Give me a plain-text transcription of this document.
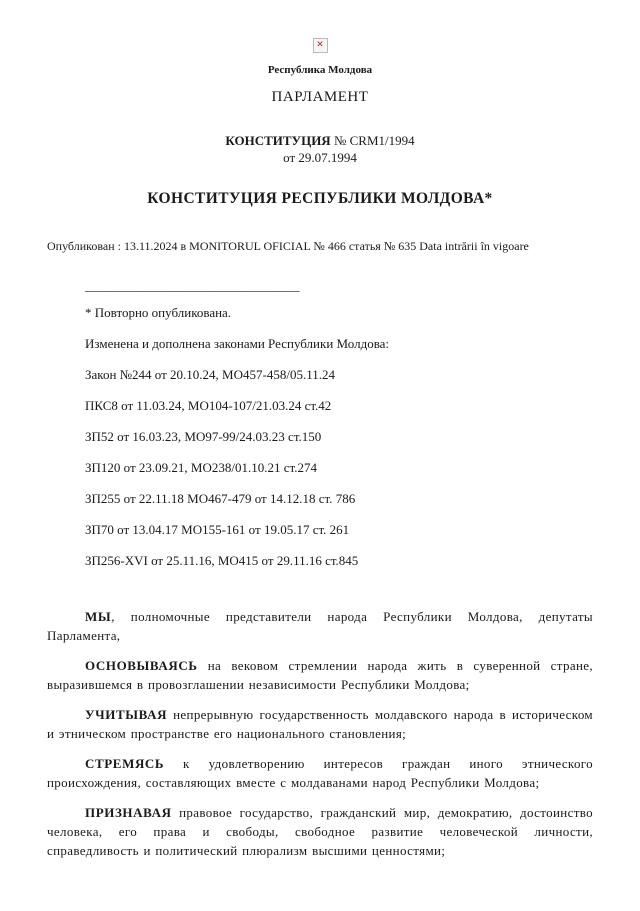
✕
Республика Молдова
ПАРЛАМЕНТ
КОНСТИТУЦИЯ № CRM1/1994
от 29.07.1994
КОНСТИТУЦИЯ РЕСПУБЛИКИ МОЛДОВА*

Опубликован : 13.11.2024 в MONITORUL OFICIAL № 466 статья № 635 Data intrării în vigoare

_________________________________

* Повторно опубликована.

Изменена и дополнена законами Республики Молдова:

Закон №244 от 20.10.24, МО457-458/05.11.24

ПКС8 от 11.03.24, МО104-107/21.03.24 ст.42

ЗП52 от 16.03.23, МО97-99/24.03.23 ст.150

ЗП120 от 23.09.21, МО238/01.10.21 ст.274

ЗП255 от 22.11.18 МО467-479 от 14.12.18 ст. 786

ЗП70 от 13.04.17 МО155-161 от 19.05.17 ст. 261

ЗП256-XVI от 25.11.16, МО415 от 29.11.16 ст.845

МЫ, полномочные представители народа Республики Молдова, депутаты Парламента,

ОСНОВЫВАЯСЬ на вековом стремлении народа жить в суверенной стране, выразившемся в провозглашении независимости Республики Молдова;

УЧИТЫВАЯ непрерывную государственность молдавского народа в историческом и этническом пространстве его национального становления;

СТРЕМЯСЬ к удовлетворению интересов граждан иного этнического происхождения, составляющих вместе с молдаванами народ Республики Молдова;

ПРИЗНАВАЯ правовое государство, гражданский мир, демократию, достоинство человека, его права и свободы, свободное развитие человеческой личности, справедливость и политический плюрализм высшими ценностями;
